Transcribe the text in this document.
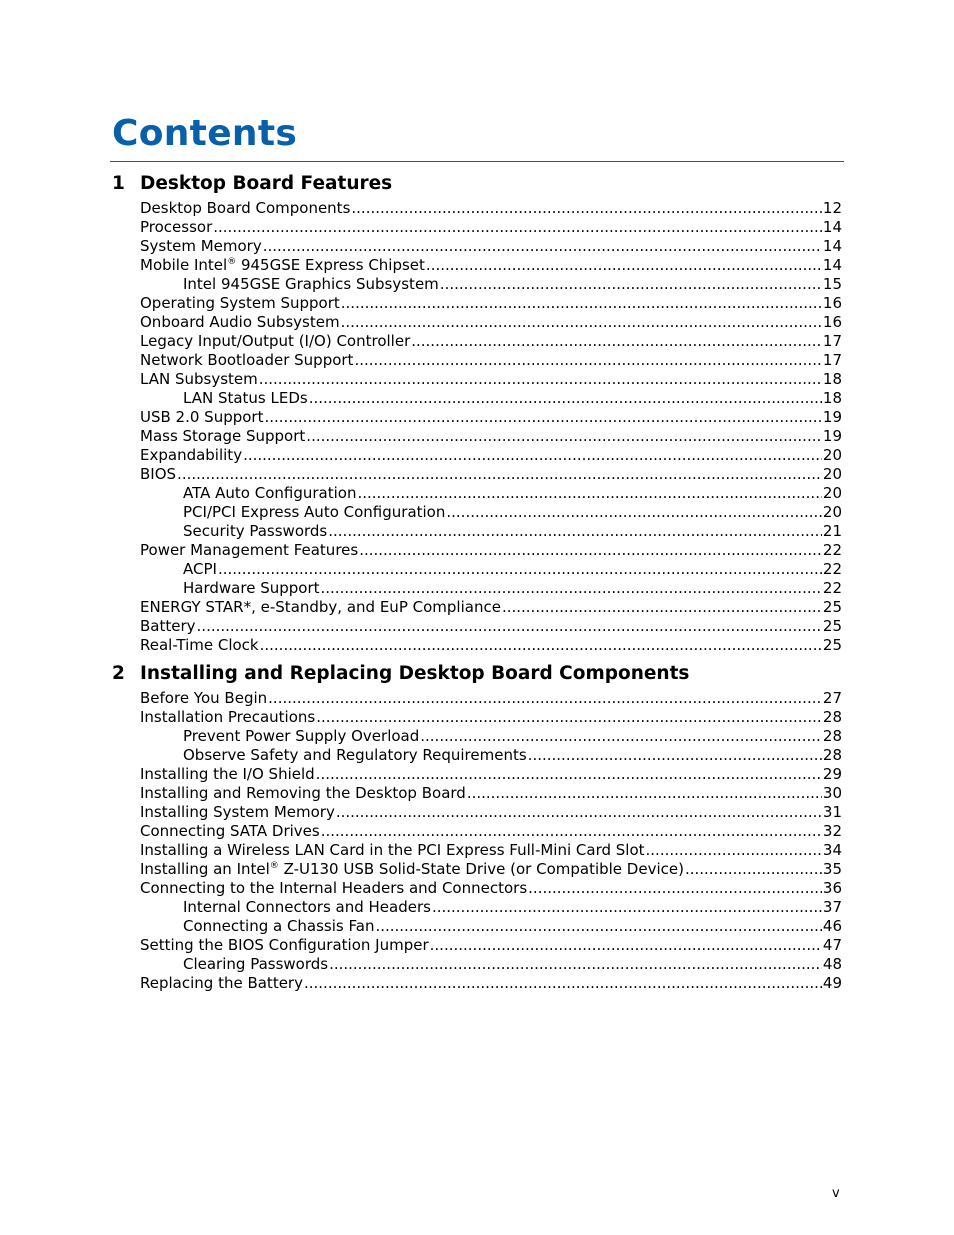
Contents
1 Desktop Board Features
Desktop Board Components .....	12
Processor .....	14
System Memory .....	14
Mobile Intel® 945GSE Express Chipset .....	14
Intel 945GSE Graphics Subsystem .....	15
Operating System Support .....	16
Onboard Audio Subsystem .....	16
Legacy Input/Output (I/O) Controller .....	17
Network Bootloader Support .....	17
LAN Subsystem .....	18
LAN Status LEDs .....	18
USB 2.0 Support .....	19
Mass Storage Support .....	19
Expandability .....	20
BIOS .....	20
ATA Auto Configuration .....	20
PCI/PCI Express Auto Configuration .....	20
Security Passwords .....	21
Power Management Features .....	22
ACPI .....	22
Hardware Support .....	22
ENERGY STAR*, e-Standby, and EuP Compliance .....	25
Battery .....	25
Real-Time Clock .....	25
2 Installing and Replacing Desktop Board Components
Before You Begin .....	27
Installation Precautions .....	28
Prevent Power Supply Overload .....	28
Observe Safety and Regulatory Requirements .....	28
Installing the I/O Shield .....	29
Installing and Removing the Desktop Board .....	30
Installing System Memory .....	31
Connecting SATA Drives .....	32
Installing a Wireless LAN Card in the PCI Express Full-Mini Card Slot .....	34
Installing an Intel® Z-U130 USB Solid-State Drive (or Compatible Device) .....	35
Connecting to the Internal Headers and Connectors .....	36
Internal Connectors and Headers .....	37
Connecting a Chassis Fan .....	46
Setting the BIOS Configuration Jumper .....	47
Clearing Passwords .....	48
Replacing the Battery .....	49
v
